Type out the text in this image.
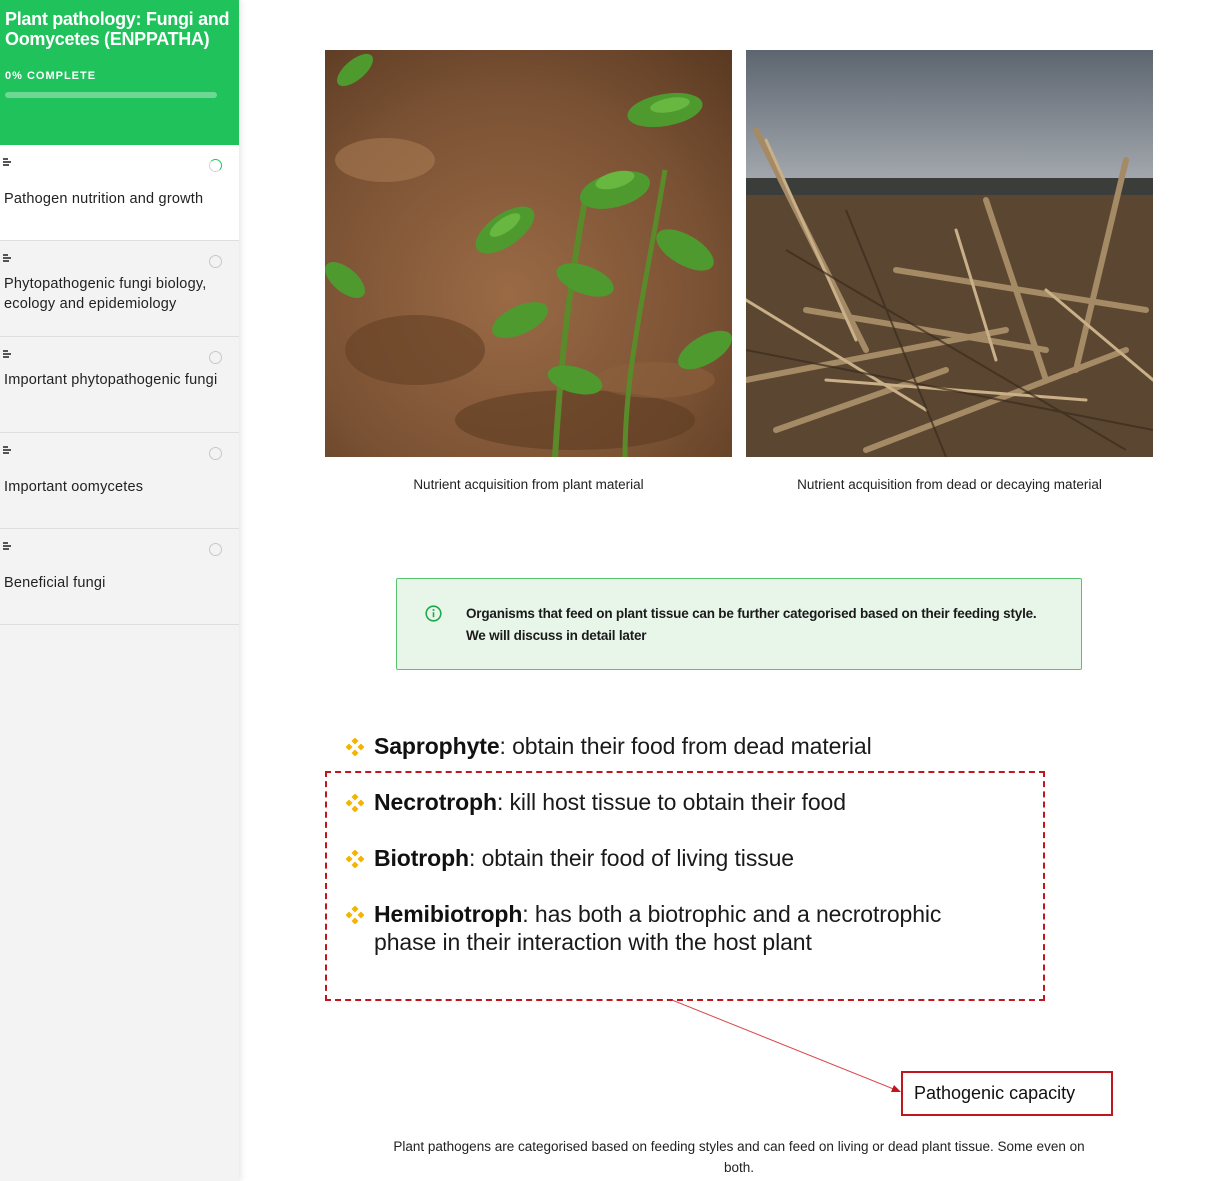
Plant pathology: Fungi and Oomycetes (ENPPATHA)
0% COMPLETE
Pathogen nutrition and growth
Phytopathogenic fungi biology, ecology and epidemiology
Important phytopathogenic fungi
Important oomycetes
Beneficial fungi
Nutrient acquisition from plant material	Nutrient acquisition from dead or decaying material
Organisms that feed on plant tissue can be further categorised based on their feeding style. We will discuss in detail later
Saprophyte: obtain their food from dead material
Necrotroph: kill host tissue to obtain their food
Biotroph: obtain their food of living tissue
Hemibiotroph: has both a biotrophic and a necrotrophic
phase in their interaction with the host plant
Pathogenic capacity
Plant pathogens are categorised based on feeding styles and can feed on living or dead plant tissue. Some even on both.
